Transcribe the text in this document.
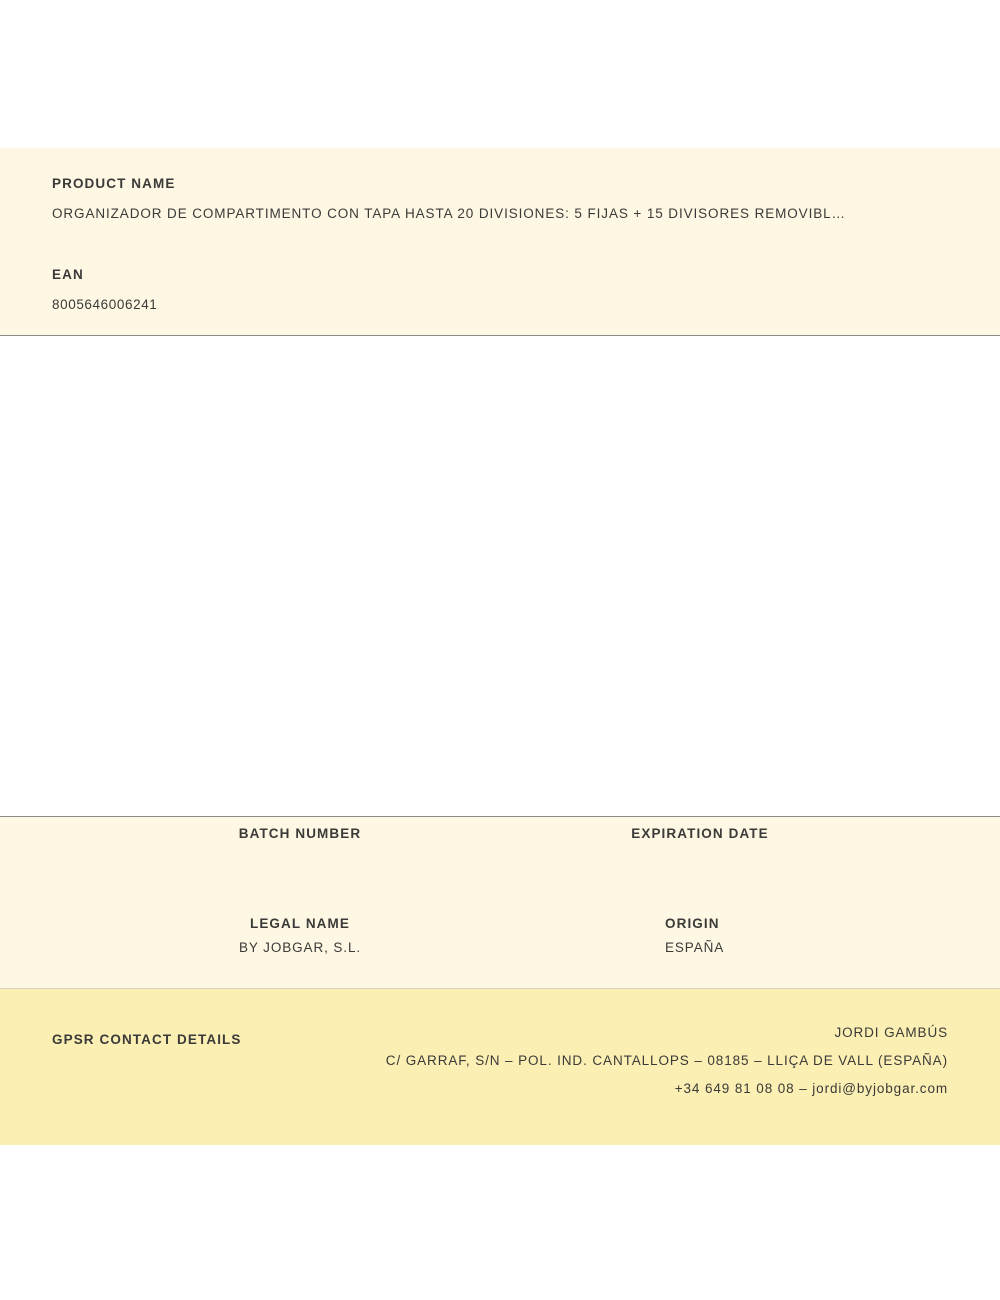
PRODUCT NAME
ORGANIZADOR DE COMPARTIMENTO CON TAPA HASTA 20 DIVISIONES: 5 FIJAS + 15 DIVISORES REMOVIBL…
EAN
8005646006241
BATCH NUMBER	EXPIRATION DATE
LEGAL NAME
BY JOBGAR, S.L.
ORIGIN
ESPAÑA
GPSR CONTACT DETAILS	JORDI GAMBÚS
C/ GARRAF, S/N – POL. IND. CANTALLOPS – 08185 – LLIÇA DE VALL (ESPAÑA)
+34 649 81 08 08 – jordi@byjobgar.com
